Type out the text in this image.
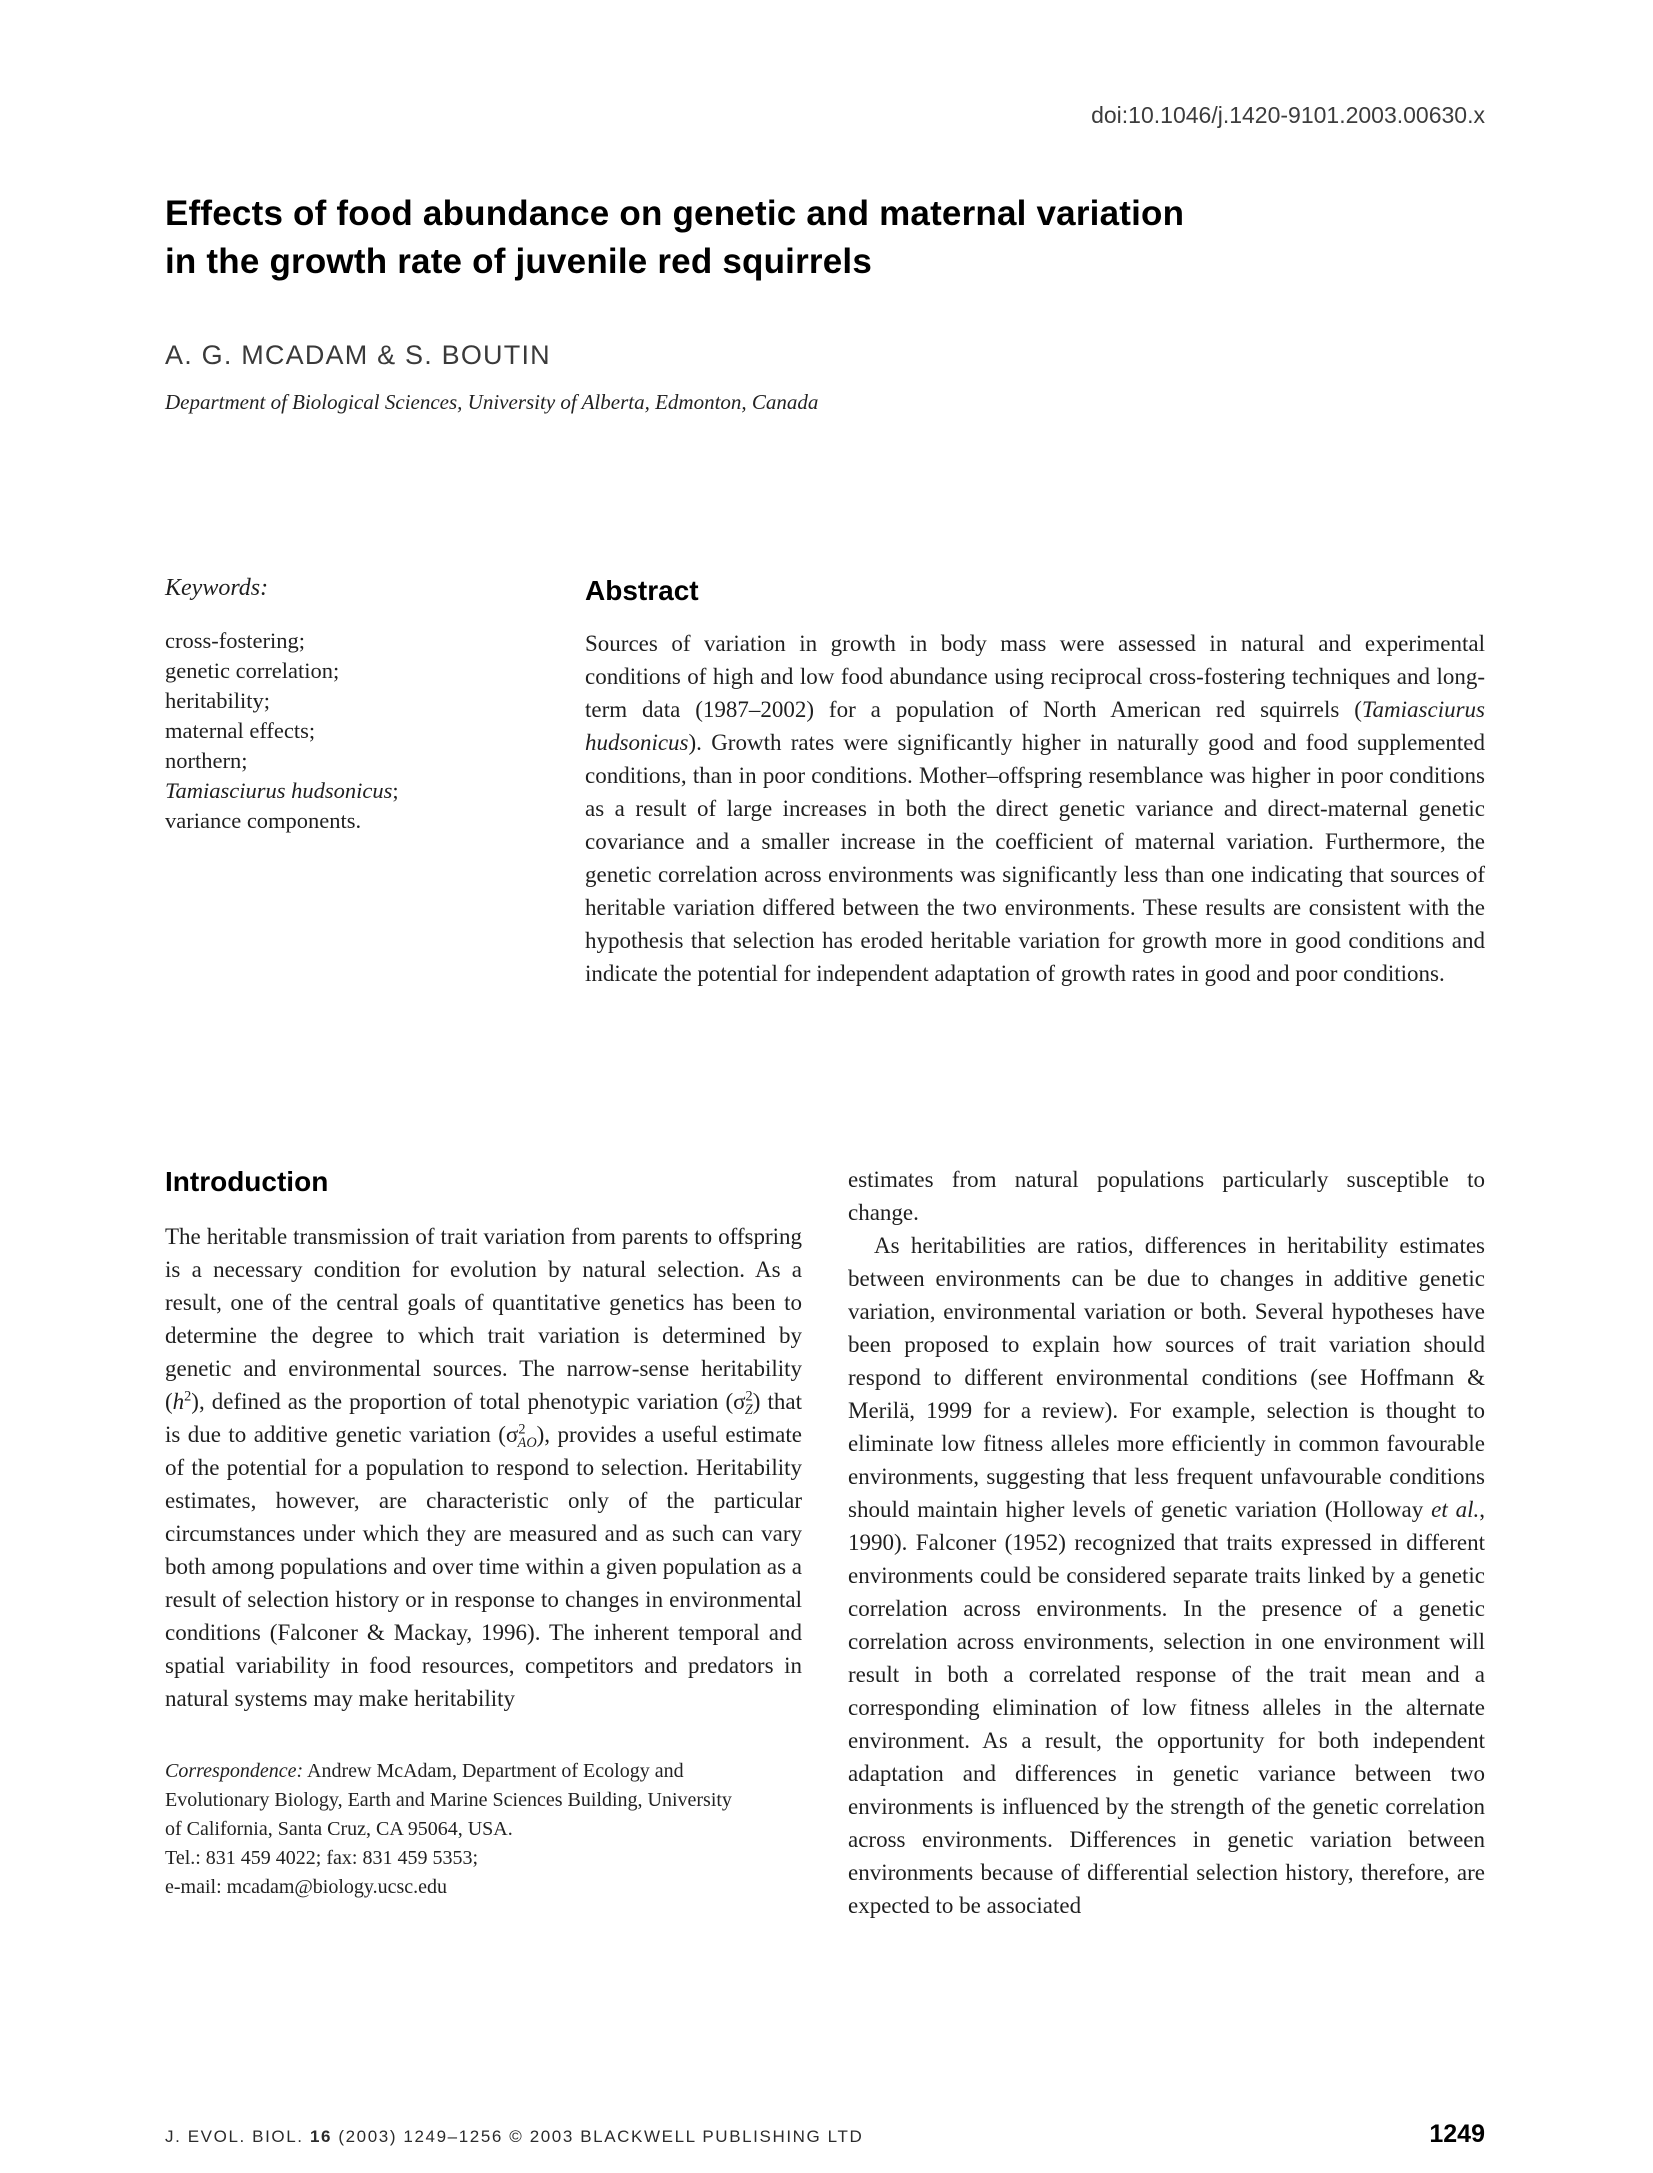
doi:10.1046/j.1420-9101.2003.00630.x
Effects of food abundance on genetic and maternal variation
in the growth rate of juvenile red squirrels
A. G. MCADAM & S. BOUTIN
Department of Biological Sciences, University of Alberta, Edmonton, Canada
Keywords:
cross-fostering;
genetic correlation;
heritability;
maternal effects;
northern;
Tamiasciurus hudsonicus;
variance components.
Abstract

Sources of variation in growth in body mass were assessed in natural and experimental conditions of high and low food abundance using reciprocal cross-fostering techniques and long-term data (1987–2002) for a population of North American red squirrels (Tamiasciurus hudsonicus). Growth rates were significantly higher in naturally good and food supplemented conditions, than in poor conditions. Mother–offspring resemblance was higher in poor conditions as a result of large increases in both the direct genetic variance and direct-maternal genetic covariance and a smaller increase in the coefficient of maternal variation. Furthermore, the genetic correlation across environments was significantly less than one indicating that sources of heritable variation differed between the two environments. These results are consistent with the hypothesis that selection has eroded heritable variation for growth more in good conditions and indicate the potential for independent adaptation of growth rates in good and poor conditions.

Introduction

The heritable transmission of trait variation from parents to offspring is a necessary condition for evolution by natural selection. As a result, one of the central goals of quantitative genetics has been to determine the degree to which trait variation is determined by genetic and environmental sources. The narrow-sense heritability $(h^2)$, defined as the proportion of total phenotypic variation $(\sigma^2_Z)$ that is due to additive genetic variation $(\sigma^2_{AO})$, provides a useful estimate of the potential for a population to respond to selection. Heritability estimates, however, are characteristic only of the particular circumstances under which they are measured and as such can vary both among populations and over time within a given population as a result of selection history or in response to changes in environmental conditions (Falconer & Mackay, 1996). The inherent temporal and spatial variability in food resources, competitors and predators in natural systems may make heritability

Correspondence: Andrew McAdam, Department of Ecology and Evolutionary Biology, Earth and Marine Sciences Building, University of California, Santa Cruz, CA 95064, USA.

Tel.: 831 459 4022; fax: 831 459 5353;

e-mail: mcadam@biology.ucsc.edu

estimates from natural populations particularly susceptible to change.

As heritabilities are ratios, differences in heritability estimates between environments can be due to changes in additive genetic variation, environmental variation or both. Several hypotheses have been proposed to explain how sources of trait variation should respond to different environmental conditions (see Hoffmann & Merilä, 1999 for a review). For example, selection is thought to eliminate low fitness alleles more efficiently in common favourable environments, suggesting that less frequent unfavourable conditions should maintain higher levels of genetic variation (Holloway et al., 1990). Falconer (1952) recognized that traits expressed in different environments could be considered separate traits linked by a genetic correlation across environments. In the presence of a genetic correlation across environments, selection in one environment will result in both a correlated response of the trait mean and a corresponding elimination of low fitness alleles in the alternate environment. As a result, the opportunity for both independent adaptation and differences in genetic variance between two environments is influenced by the strength of the genetic correlation across environments. Differences in genetic variation between environments because of differential selection history, therefore, are expected to be associated

J. EVOL. BIOL. 16 (2003) 1249–1256 © 2003 BLACKWELL PUBLISHING LTD	1249
